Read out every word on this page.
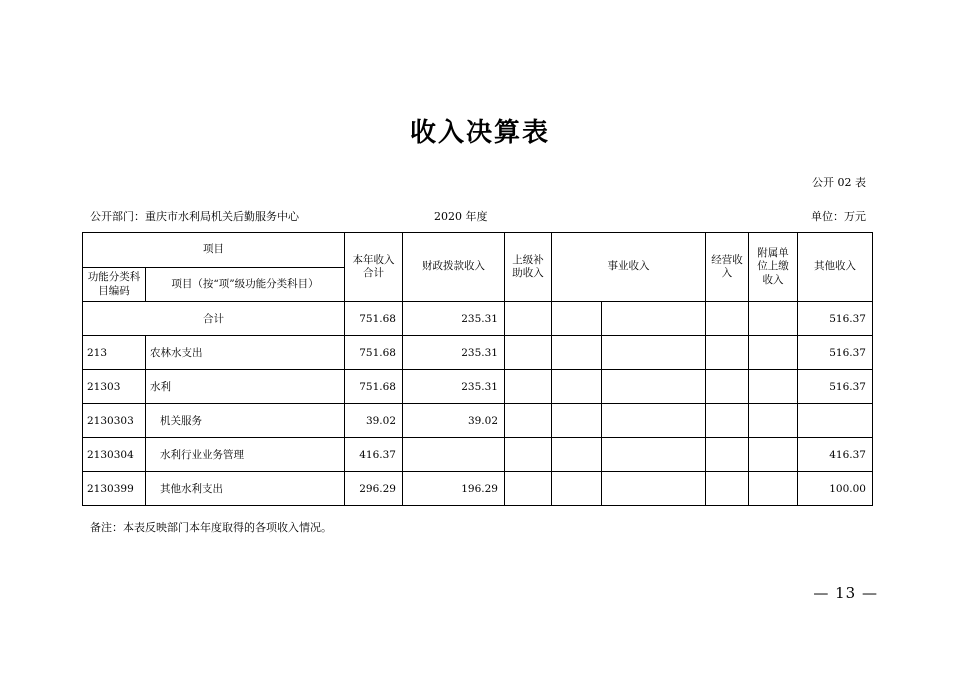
收入决算表
公开 02 表
公开部门：重庆市水利局机关后勤服务中心	2020 年度	单位：万元
项目		本年收入合计	财政拨款收入	上级补助收入	事业收入		经营收入	附属单位上缴收入	其他收入
功能分类科目编码	项目（按“项”级功能分类科目）								
合计		751.68	235.31						516.37
213	农林水支出	751.68	235.31						516.37
21303	水利	751.68	235.31						516.37
2130303	机关服务	39.02	39.02						
2130304	水利行业业务管理	416.37							416.37
2130399	其他水利支出	296.29	196.29						100.00
备注：本表反映部门本年度取得的各项收入情况。
— 13 —
